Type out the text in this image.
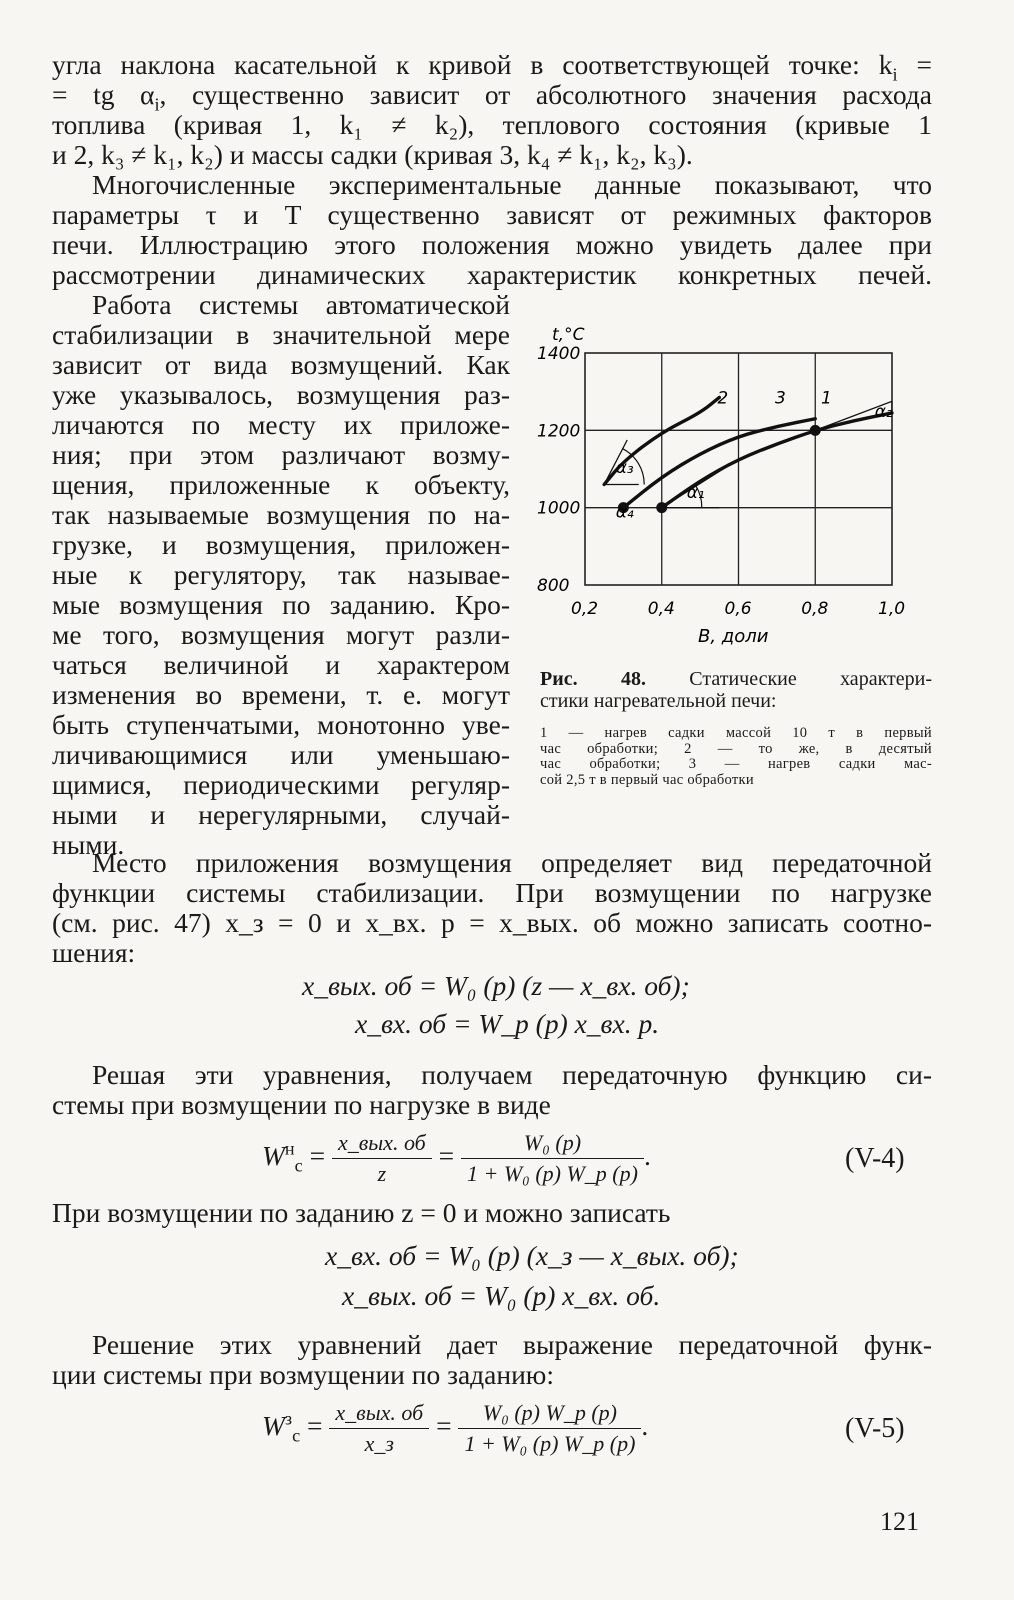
угла наклона касательной к кривой в соответствующей точке: $k_i$ =
= tg $\alpha_i$, существенно зависит от абсолютного значения расхода
топлива (кривая 1, k₁ ≠ k₂), теплового состояния (кривые 1
и 2, k₃ ≠ k₁, k₂) и массы садки (кривая 3, k₄ ≠ k₁, k₂, k₃).
Многочисленные экспериментальные данные показывают, что
параметры τ и T существенно зависят от режимных факторов
печи. Иллюстрацию этого положения можно увидеть далее при
рассмотрении динамических характеристик конкретных печей.
Работа системы автоматической
стабилизации в значительной мере
зависит от вида возмущений. Как
уже указывалось, возмущения раз-
личаются по месту их приложе-
ния; при этом различают возму-
щения, приложенные к объекту,
так называемые возмущения по на-
грузке, и возмущения, приложен-
ные к регулятору, так называе-
мые возмущения по заданию. Кро-
ме того, возмущения могут разли-
чаться величиной и характером
изменения во времени, т. е. могут
быть ступенчатыми, монотонно уве-
личивающимися или уменьшаю-
щимися, периодическими регуляр-
ными и нерегулярными, случай-
ными.
2	3 1
α₁
α₂
α₃
α₄
1400
1200
1000
800
0,2	0,4	0,6	0,8	1,0
t,°C
B, доли
Рис. 48. Статические характери-
стики нагревательной печи:
1 — нагрев садки массой 10 т в первый
час обработки; 2 — то же, в десятый
час обработки; 3 — нагрев садки мас-
сой 2,5 т в первый час обработки
Место приложения возмущения определяет вид передаточной
функции системы стабилизации. При возмущении по нагрузке
(см. рис. 47) x_з = 0 и x_вх. р = x_вых. об можно записать соотно-
шения:
x_вых. об = W₀ (p) (z — x_вх. об);
x_вх. об = W_р (p) x_вх. р.
Решая эти уравнения, получаем передаточную функцию си-
стемы при возмущении по нагрузке в виде
$W^н_с = \frac{\text{x\_вых. об}}{z} = \frac{\text{W₀ (p)}}{\text{1 + W₀ (p) W\_р (p)}}$ .	(V-4)
При возмущении по заданию z = 0 и можно записать
x_вх. об = W₀ (p) (x_з — x_вых. об);
x_вых. об = W₀ (p) x_вх. об.
Решение этих уравнений дает выражение передаточной функ-
ции системы при возмущении по заданию:
$W^з_с = \frac{\text{x\_вых. об}}{x\_з} = \frac{\text{W₀ (p) W\_р (p)}}{\text{1 + W₀ (p) W\_р (p)}}$ .	(V-5)
121
